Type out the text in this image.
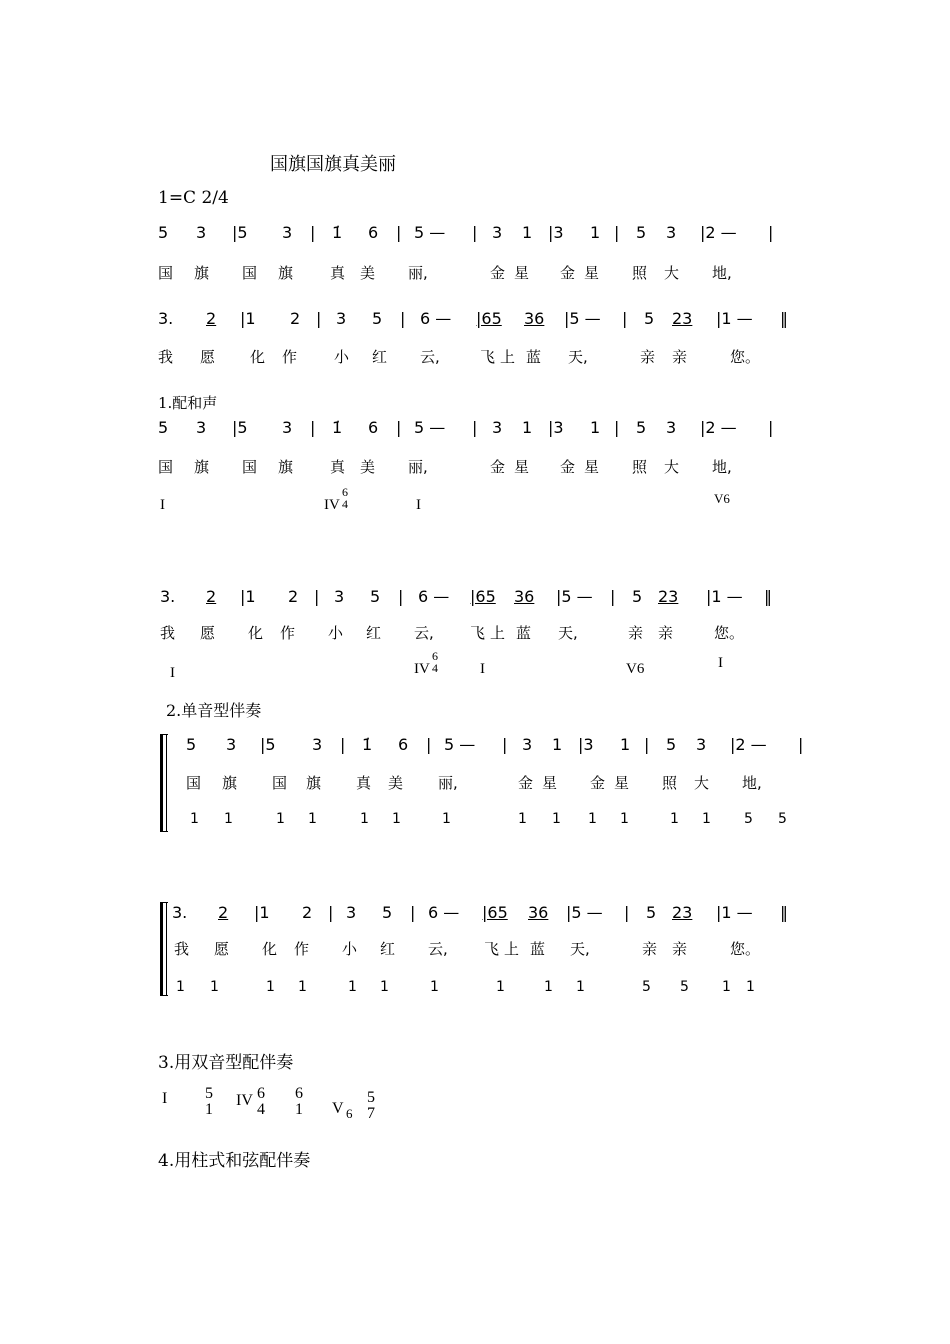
国旗国旗真美丽
1=C 2/4
5 3 |5 3 | 1̇ 6 | 5 — | 3 1 |3 1 | 5 3 |2 — |
国 旗 国 旗 真 美 丽,	金 星 金 星 照 大 地,
3. 2 |1 2 | 3 5 | 6 — |65 36 |5 — | 5 23 |1 — ‖
我 愿 化 作 小 红 云,	飞 上 蓝 天,	亲 亲	您。
1.配和声
5 3 |5 3 | 1̇ 6 | 5 — | 3 1 |3 1 | 5 3 |2 — |
国 旗 国 旗 真 美 丽,	金 星 金 星 照 大 地,
I	IV
6
4	I	V6
3. 2 |1 2 | 3 5 | 6 — |65 36 |5 — | 5 23 |1 — ‖
我 愿 化 作 小 红 云, 飞 上 蓝 天,	亲 亲	您。
I	IV
6
4	I	V6	I
2.单音型伴奏
5 3 |5 3 | 1̇ 6 | 5 — | 3 1 |3 1 | 5 3 |2 — |
国 旗 国 旗 真 美 丽,	金 星 金 星 照 大 地,
1 1	1 1	1 1	1	1 1 1 1	1 1 5 5
3. 2 |1 2 | 3 5 | 6 — |65 36 |5 — | 5 23 |1 — ‖
我 愿 化 作 小 红 云, 飞 上 蓝 天,	亲 亲	您。
1 1	1 1	1 1	1	1	1 1	5 5 1 1
3.用双音型配伴奏
I 5
1
IV 6
4
6
1 V 6
5
7
4.用柱式和弦配伴奏
